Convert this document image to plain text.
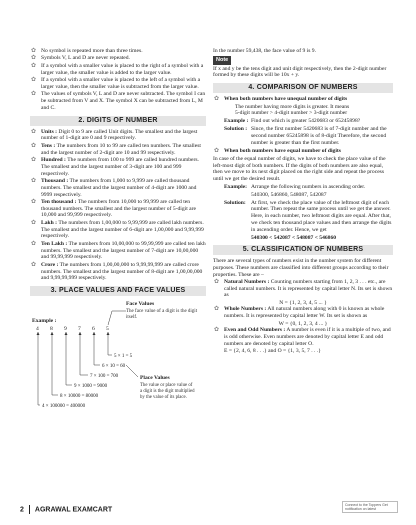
✿ No symbol is repeated more than three times.

✿ Symbols V, L and D are never repeated.

✿ If a symbol with a smaller value is placed to the right of a symbol with a larger value, the smaller value is added to the larger value.

✿ If a symbol with a smaller value is placed to the left of a symbol with a larger value, then the smaller value is subtracted from the larger value.

✿ The values of symbols V, L and D are never subtracted. The symbol I can be subtracted from V and X. The symbol X can be subtracted from L, M and C.

2. DIGITS OF NUMBER

✿ Units : Digit 0 to 9 are called Unit digits. The smallest and the largest number of 1-digit are 0 and 9 respectively.

✿ Tens : The numbers from 10 to 99 are called ten numbers. The smallest and the largest number of 2-digit are 10 and 99 respectively.

✿ Hundred : The numbers from 100 to 999 are called hundred numbers. The smallest and the largest number of 3-digit are 100 and 999 respectively.

✿ Thousand : The numbers from 1,000 to 9,999 are called thousand numbers. The smallest and the largest number of 4-digit are 1000 and 9999 respectively.

✿ Ten thousand : The numbers from 10,000 to 99,999 are called ten thousand numbers. The smallest and the largest number of 5-digit are 10,000 and 99,999 respectively.

✿ Lakh : The numbers from 1,00,000 to 9,99,999 are called lakh numbers. The smallest and the largest number of 6-digit are 1,00,000 and 9,99,999 respectively.

✿ Ten Lakh : The numbers from 10,00,000 to 99,99,999 are called ten lakh numbers. The smallest and the largest number of 7-digit are 10,00,000 and 99,99,999 respectively.

✿ Crore : The numbers from 1,00,00,000 to 9,99,99,999 are called crore numbers. The smallest and the largest number of 8-digit are 1,00,00,000 and 9,99,99,999 respectively.

3. PLACE VALUES AND FACE VALUES
Face Values
The face value of a digit is the digit
itself.
Example :
4 8 9 7 6 5
5 × 1 = 5
6 × 10 = 60
7 × 100 = 700
9 × 1000 = 9000
8 × 10000 = 80000
4 × 100000 = 400000
Place Values
The value or place value of
a digit is the digit multiplied
by the value of its place.

In the number 59,438, the face value of 9 is 9.

Note

If x and y be the tens digit and unit digit respectively, then the 2-digit number formed by these digits will be 10x + y.

4. COMPARISON OF NUMBERS

✿ When both numbers have unequal number of digits

The number having more digits is greater. It means

5-digit number > 4-digit number > 3-digit number

Example : Find out which is greater 5420683 or 65245898?

Solution : Since, the first number 5420683 is of 7-digit number and the second number 65245898 is of 8-digit Therefore, the second number is greater than the first number.

✿ When both numbers have equal number of digits

In case of the equal number of digits, we have to check the place value of the left-most digit of both numbers. If the digits of both numbers are also equal, then we move to its next digit placed on the right side and repeat the process until we get the desired result.

Example: Arrange the following numbers in ascending order.

540300, 546860, 548087, 542087

Solution: At first, we check the place value of the leftmost digit of each number. Then repeat the same process until we get the answer. Here, in each number, two leftmost digits are equal. After that, we check ten thousand place values and then arrange the digits in ascending order. Hence, we get

540300 < 542087 < 548087 < 546860

5. CLASSIFICATION OF NUMBERS

There are several types of numbers exist in the number system for different purposes. These numbers are classified into different groups according to their properties. These are –

✿ Natural Numbers : Counting numbers starting from 1, 2, 3 . . . etc., are called natural numbers. It is represented by capital letter N. Its set is shown as

N = {1, 2, 3, 4, 5 ... }

✿ Whole Numbers : All natural numbers along with 0 is known as whole numbers. It is represented by capital letter W. Its set is shown as

W = {0, 1, 2, 3, 4 ... }

✿ Even and Odd Numbers : A number is even if it is a multiple of two, and is odd otherwise. Even numbers are denoted by capital letter E and odd numbers are denoted by capital letter O.

E = {2, 4, 6, 8 . . .} and O = {1, 3, 5, 7 . . .}

2 AGRAWAL EXAMCART
Connect to the Toppers Get notification on latest
